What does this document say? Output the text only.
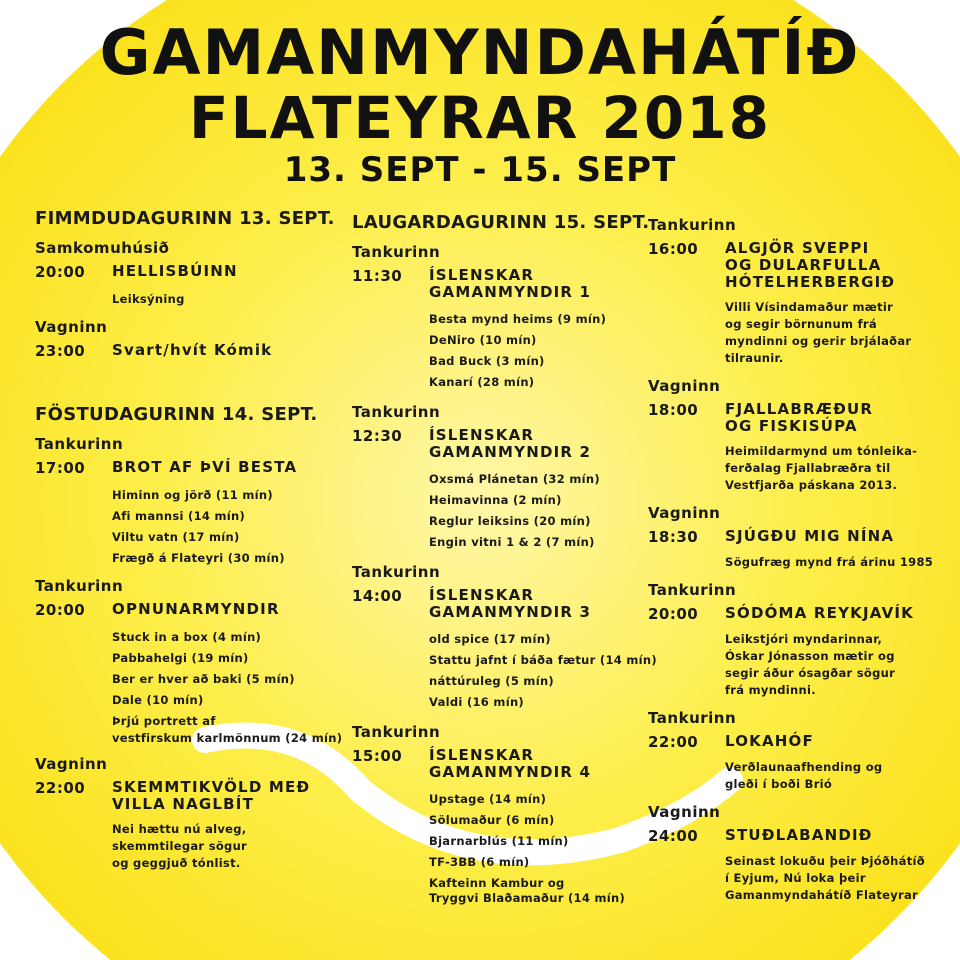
GAMANMYNDAHÁTÍÐ
FLATEYRAR 2018
13. SEPT - 15. SEPT
FIMMDUDAGURINN 13. SEPT.
Samkomuhúsið
20:00	HELLISBÚINN
Leiksýning
Vagninn
23:00	Svart/hvít Kómik
FÖSTUDAGURINN 14. SEPT.
Tankurinn
17:00	BROT AF ÞVÍ BESTA
Himinn og jörð (11 mín)
Afi mannsi (14 mín)
Viltu vatn (17 mín)
Frægð á Flateyri (30 mín)
Tankurinn
20:00	OPNUNARMYNDIR
Stuck in a box (4 mín)
Pabbahelgi (19 mín)
Ber er hver að baki (5 mín)
Dale (10 mín)
Þrjú portrett af
vestfirskum karlmönnum (24 mín)
Vagninn
22:00	SKEMMTIKVÖLD MEÐ
VILLA NAGLBÍT
Nei hættu nú alveg,
skemmtilegar sögur
og geggjuð tónlist.
LAUGARDAGURINN 15. SEPT.
Tankurinn
11:30	ÍSLENSKAR
GAMANMYNDIR 1
Besta mynd heims (9 mín)
DeNiro (10 mín)
Bad Buck (3 mín)
Kanarí (28 mín)
Tankurinn
12:30	ÍSLENSKAR
GAMANMYNDIR 2
Oxsmá Plánetan (32 mín)
Heimavinna (2 mín)
Reglur leiksins (20 mín)
Engin vitni 1 & 2 (7 mín)
Tankurinn
14:00	ÍSLENSKAR
GAMANMYNDIR 3
old spice (17 mín)
Stattu jafnt í báða fætur (14 mín)
náttúruleg (5 mín)
Valdi (16 mín)
Tankurinn
15:00	ÍSLENSKAR
GAMANMYNDIR 4
Upstage (14 mín)
Sölumaður (6 mín)
Bjarnarblús (11 mín)
TF-3BB (6 mín)
Kafteinn Kambur og
Tryggvi Blaðamaður (14 mín)
Tankurinn
16:00	ALGJÖR SVEPPI
OG DULARFULLA
HÓTELHERBERGIÐ
Villi Vísindamaður mætir
og segir börnunum frá
myndinni og gerir brjálaðar
tilraunir.
Vagninn
18:00	FJALLABRÆÐUR
OG FISKISÚPA
Heimildarmynd um tónleika-
ferðalag Fjallabræðra til
Vestfjarða páskana 2013.
Vagninn
18:30	SJÚGÐU MIG NÍNA
Sögufræg mynd frá árinu 1985
Tankurinn
20:00	SÓDÓMA REYKJAVÍK
Leikstjóri myndarinnar,
Óskar Jónasson mætir og
segir áður ósagðar sögur
frá myndinni.
Tankurinn
22:00	LOKAHÓF
Verðlaunaafhending og
gleði í boði Brió
Vagninn
24:00	STUÐLABANDIÐ
Seinast lokuðu þeir Þjóðhátíð
í Eyjum, Nú loka þeir
Gamanmyndahátíð Flateyrar
